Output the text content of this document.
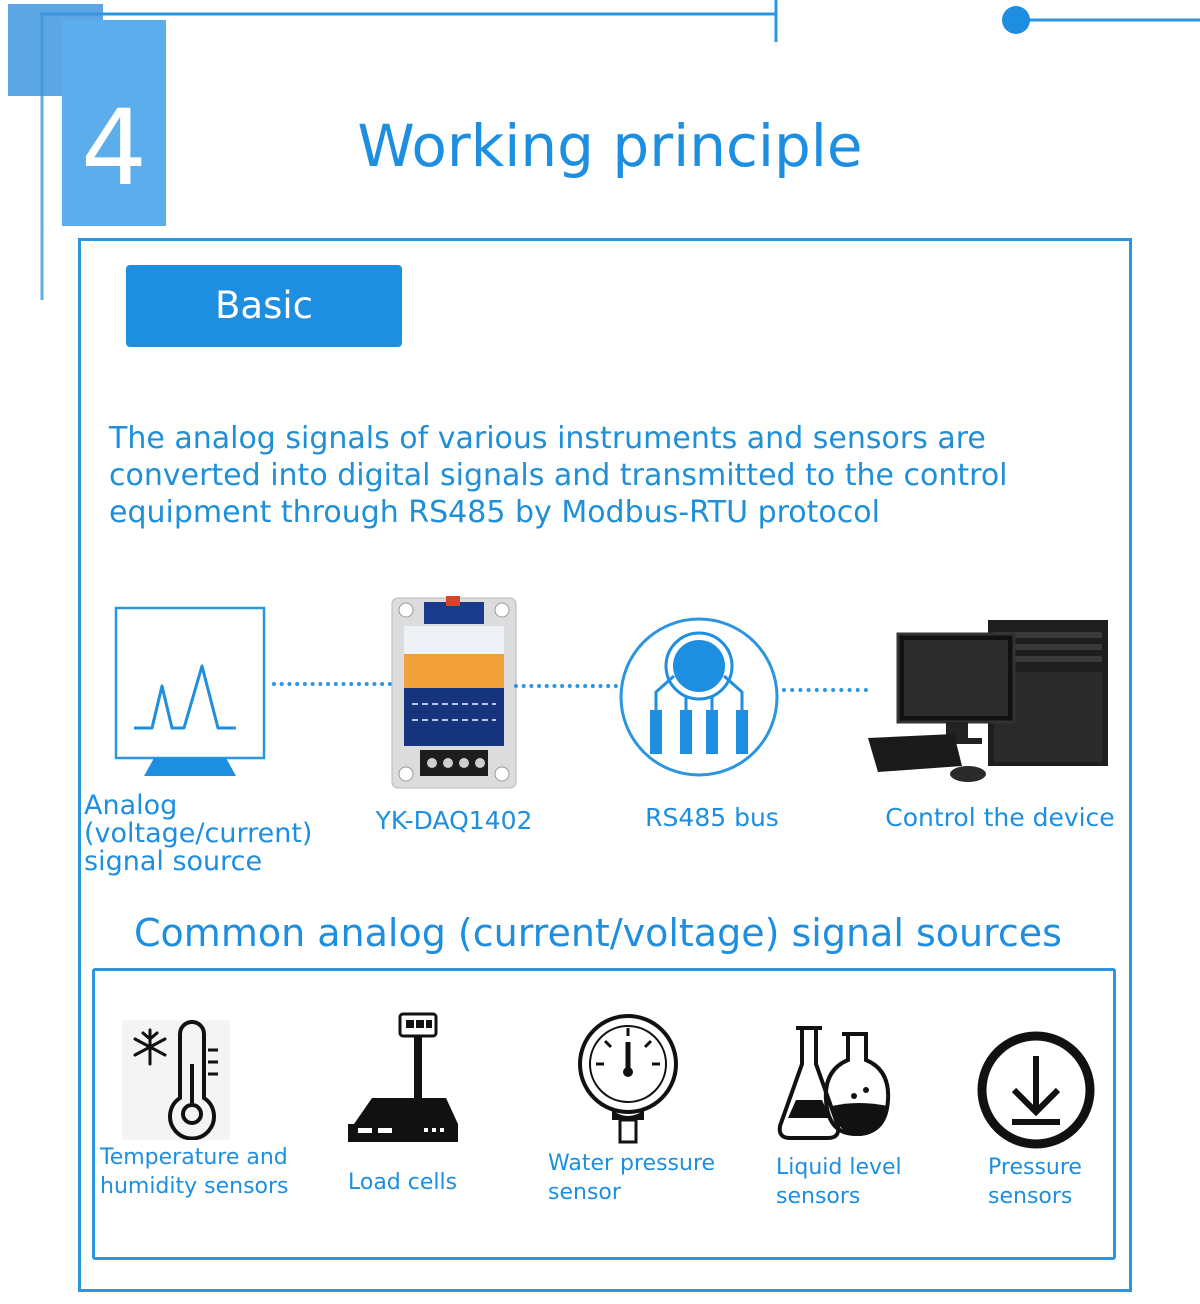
4	Working principle
Basic functions
The analog signals of various instruments and sensors are converted into digital signals and transmitted to the control equipment through RS485 by Modbus-RTU protocol
Analog (voltage/current) signal source
YK-DAQ1402	RS485 bus	Control the device
Common analog (current/voltage) signal sources
Temperature and humidity sensors	Load cells
Water pressure sensor
Liquid level sensors
Pressure sensors
